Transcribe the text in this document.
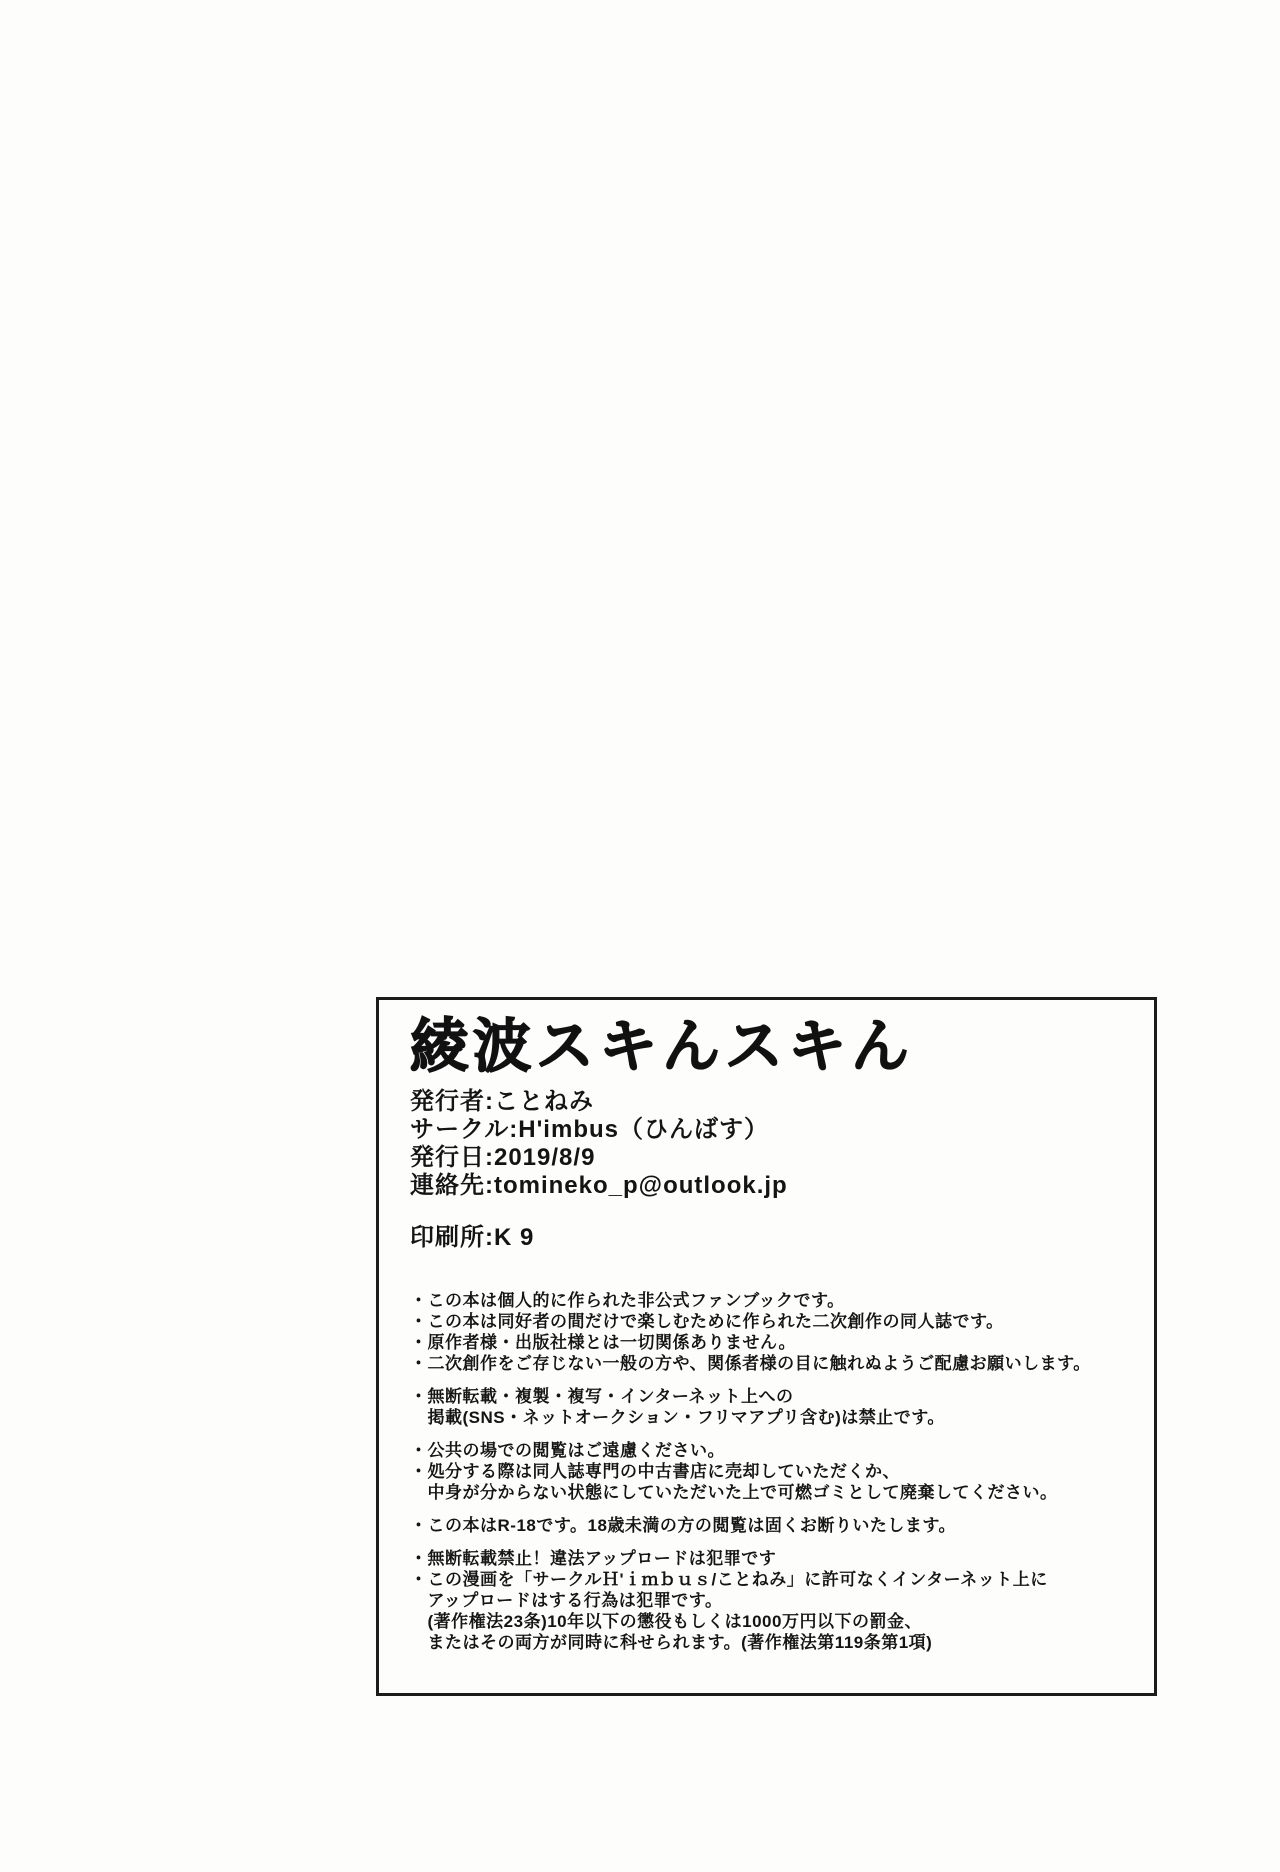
綾波スキんスキん
発行者:ことねみ
サークル:H'imbus（ひんばす）
発行日:2019/8/9
連絡先:tomineko_p@outlook.jp
印刷所:K 9
・この本は個人的に作られた非公式ファンブックです。
・この本は同好者の間だけで楽しむために作られた二次創作の同人誌です。
・原作者様・出版社様とは一切関係ありません。
・二次創作をご存じない一般の方や、関係者様の目に触れぬようご配慮お願いします。
・無断転載・複製・複写・インターネット上への
　掲載(SNS・ネットオークション・フリマアプリ含む)は禁止です。
・公共の場での閲覧はご遠慮ください。
・処分する際は同人誌専門の中古書店に売却していただくか、
　中身が分からない状態にしていただいた上で可燃ゴミとして廃棄してください。
・この本はR-18です。18歳未満の方の閲覧は固くお断りいたします。
・無断転載禁止！違法アップロードは犯罪です
・この漫画を「サークルＨ'ｉｍｂｕｓ/ことねみ」に許可なくインターネット上に
　アップロードはする行為は犯罪です。
　(著作権法23条)10年以下の懲役もしくは1000万円以下の罰金、
　またはその両方が同時に科せられます。(著作権法第119条第1項)
